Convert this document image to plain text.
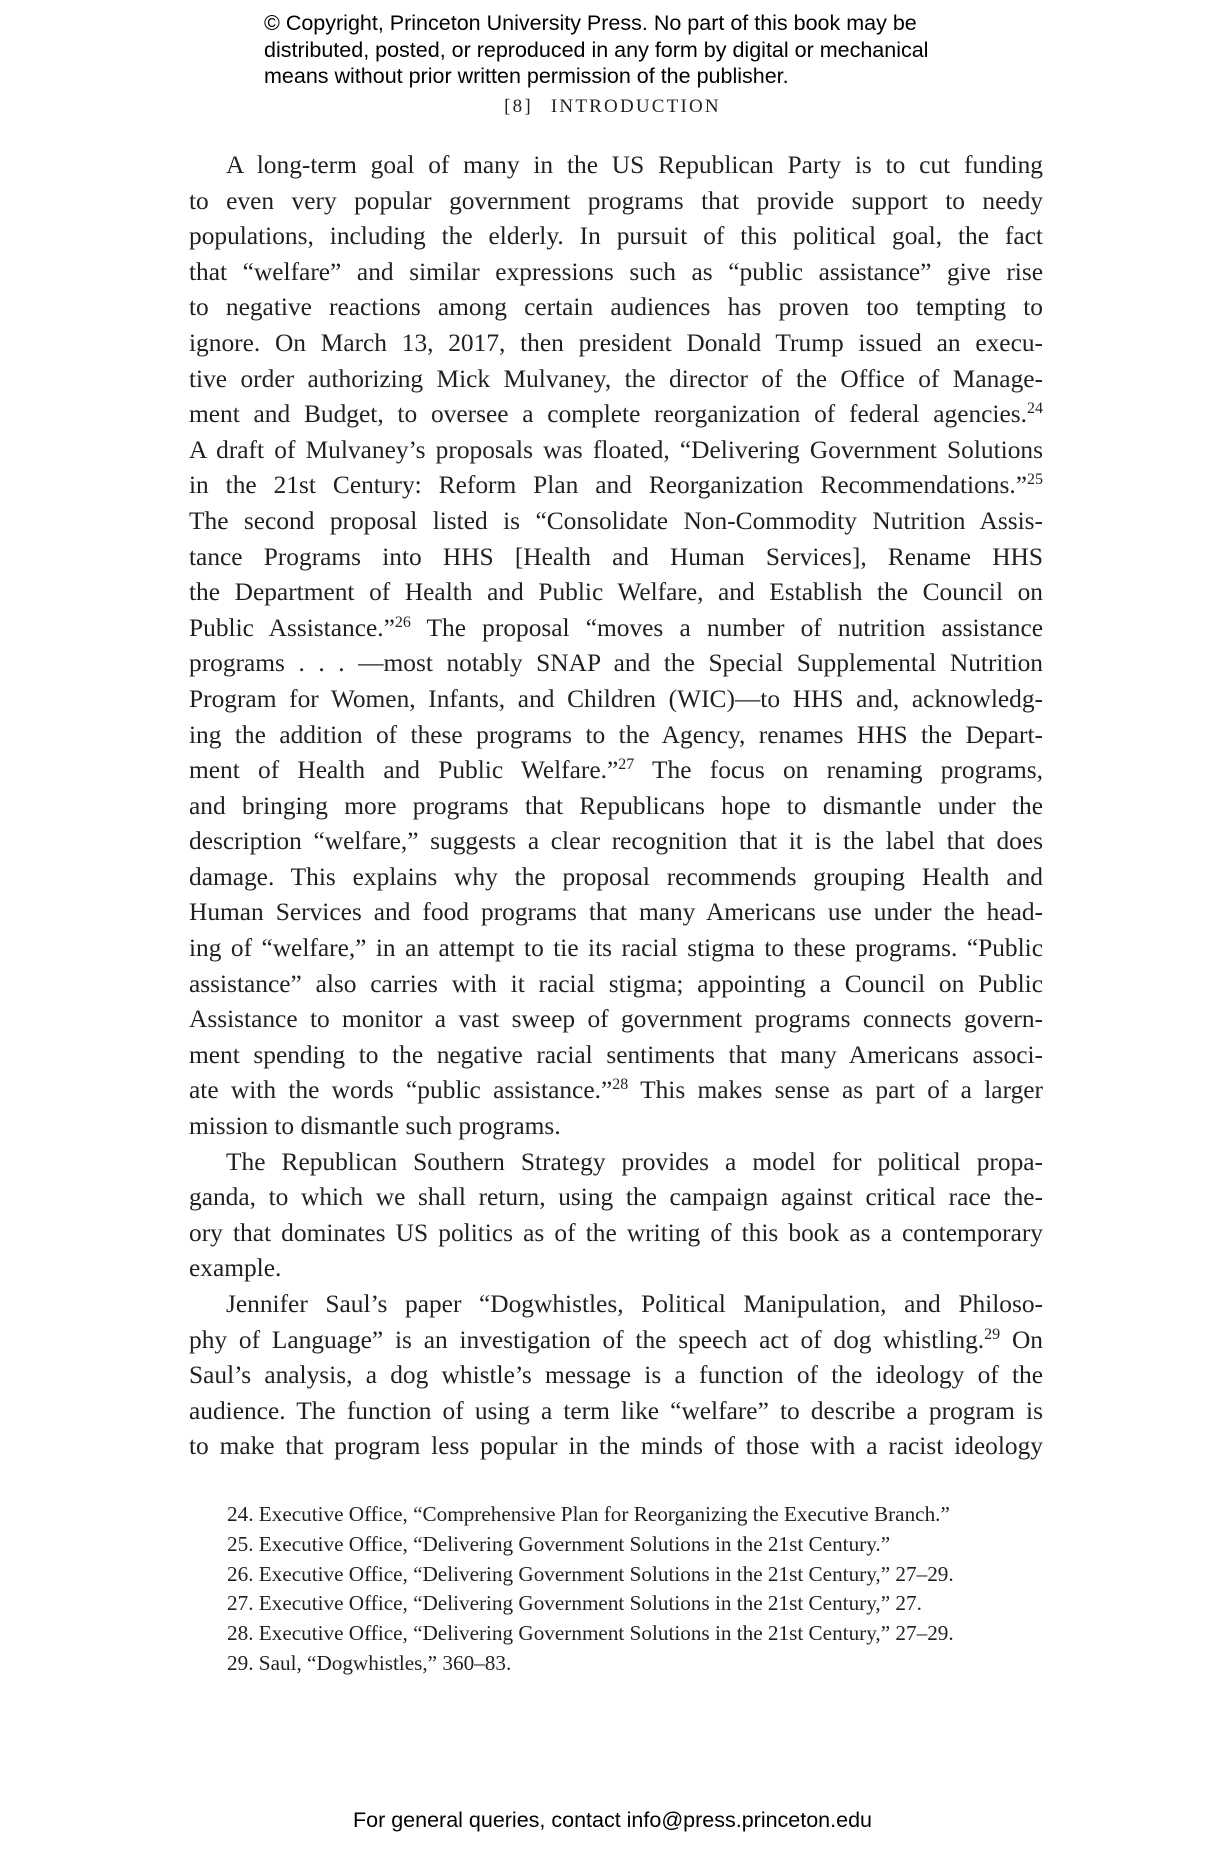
© Copyright, Princeton University Press. No part of this book may be
distributed, posted, or reproduced in any form by digital or mechanical
means without prior written permission of the publisher.
[8] INTRODUCTION
A long-term goal of many in the US Republican Party is to cut funding
to even very popular government programs that provide support to needy
populations, including the elderly. In pursuit of this political goal, the fact
that “welfare” and similar expressions such as “public assistance” give rise
to negative reactions among certain audiences has proven too tempting to
ignore. On March 13, 2017, then president Donald Trump issued an execu-
tive order authorizing Mick Mulvaney, the director of the Office of Manage-
ment and Budget, to oversee a complete reorganization of federal agencies.$^{24}$
A draft of Mulvaney’s proposals was floated, “Delivering Government Solutions
in the 21st Century: Reform Plan and Reorganization Recommendations.”$^{25}$
The second proposal listed is “Consolidate Non-Commodity Nutrition Assis-
tance Programs into HHS [Health and Human Services], Rename HHS
the Department of Health and Public Welfare, and Establish the Council on
Public Assistance.”$^{26}$ The proposal “moves a number of nutrition assistance
programs . . . —most notably SNAP and the Special Supplemental Nutrition
Program for Women, Infants, and Children (WIC)—to HHS and, acknowledg-
ing the addition of these programs to the Agency, renames HHS the Depart-
ment of Health and Public Welfare.”$^{27}$ The focus on renaming programs,
and bringing more programs that Republicans hope to dismantle under the
description “welfare,” suggests a clear recognition that it is the label that does
damage. This explains why the proposal recommends grouping Health and
Human Services and food programs that many Americans use under the head-
ing of “welfare,” in an attempt to tie its racial stigma to these programs. “Public
assistance” also carries with it racial stigma; appointing a Council on Public
Assistance to monitor a vast sweep of government programs connects govern-
ment spending to the negative racial sentiments that many Americans associ-
ate with the words “public assistance.”$^{28}$ This makes sense as part of a larger
mission to dismantle such programs.
The Republican Southern Strategy provides a model for political propa-
ganda, to which we shall return, using the campaign against critical race the-
ory that dominates US politics as of the writing of this book as a contemporary
example.
Jennifer Saul’s paper “Dogwhistles, Political Manipulation, and Philoso-
phy of Language” is an investigation of the speech act of dog whistling.$^{29}$ On
Saul’s analysis, a dog whistle’s message is a function of the ideology of the
audience. The function of using a term like “welfare” to describe a program is
to make that program less popular in the minds of those with a racist ideology
24. Executive Office, “Comprehensive Plan for Reorganizing the Executive Branch.”
25. Executive Office, “Delivering Government Solutions in the 21st Century.”
26. Executive Office, “Delivering Government Solutions in the 21st Century,” 27–29.
27. Executive Office, “Delivering Government Solutions in the 21st Century,” 27.
28. Executive Office, “Delivering Government Solutions in the 21st Century,” 27–29.
29. Saul, “Dogwhistles,” 360–83.
For general queries, contact info@press.princeton.edu
